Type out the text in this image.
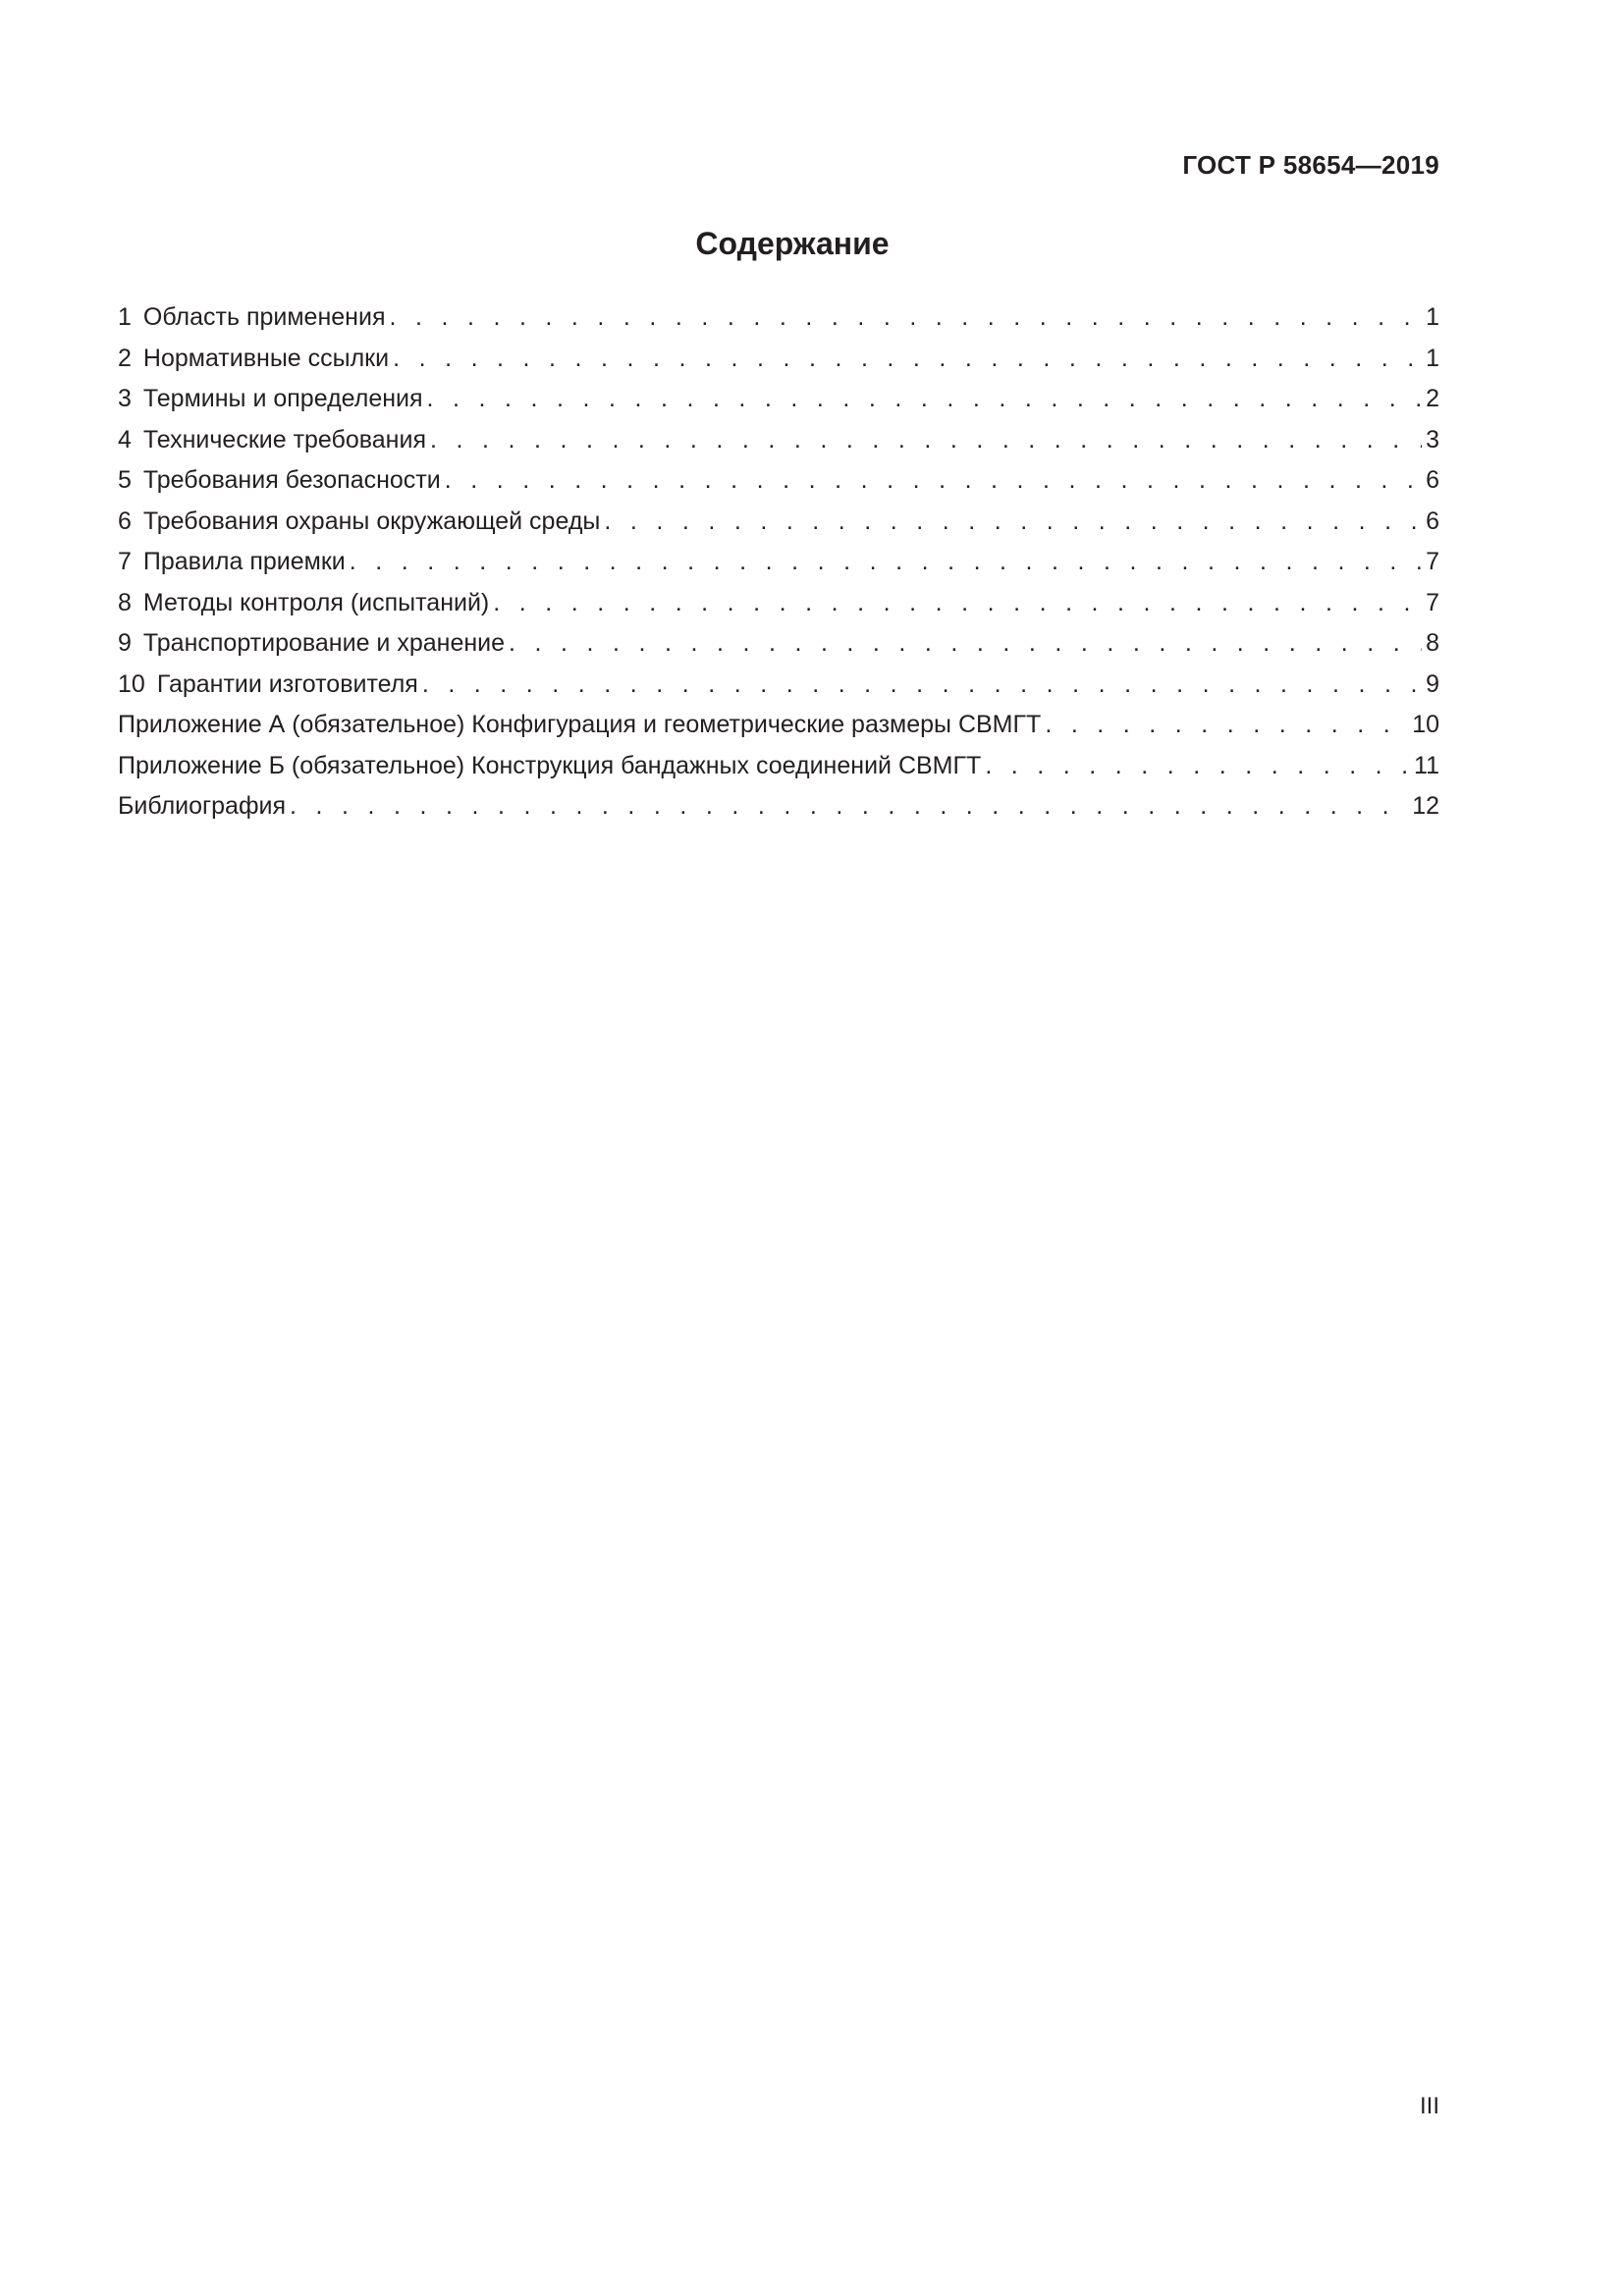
ГОСТ Р 58654—2019
Содержание
1 Область применения . . .	1
2 Нормативные ссылки . . .	1
3 Термины и определения . . .	2
4 Технические требования . . .	3
5 Требования безопасности . . .	6
6 Требования охраны окружающей среды . . .	6
7 Правила приемки . . .	7
8 Методы контроля (испытаний) . . .	7
9 Транспортирование и хранение . . .	8
10 Гарантии изготовителя . . .	9
Приложение А (обязательное) Конфигурация и геометрические размеры СВМГТ . . .	10
Приложение Б (обязательное) Конструкция бандажных соединений СВМГТ . . .	11
Библиография . . .	12
III
